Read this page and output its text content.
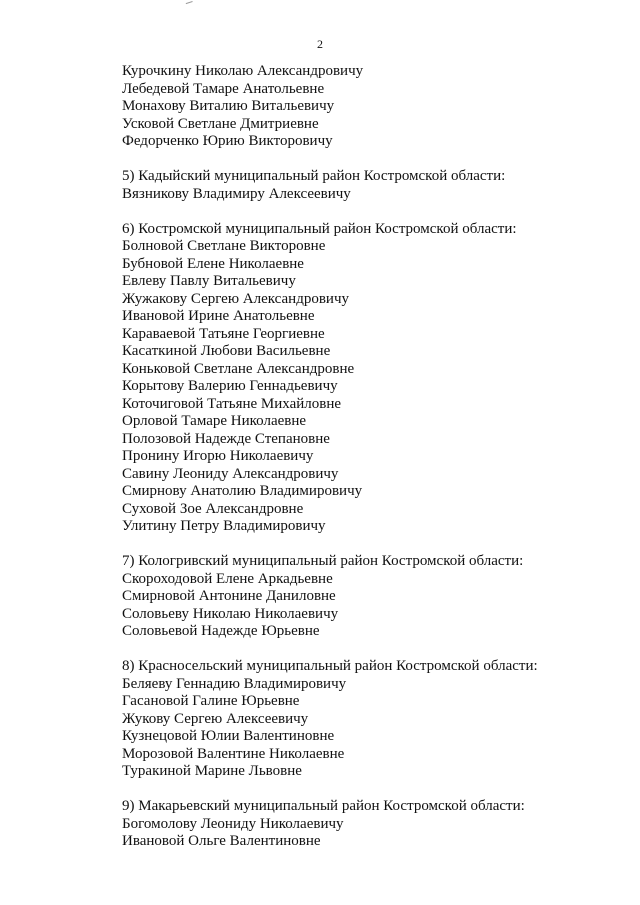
2
Курочкину Николаю Александровичу
Лебедевой Тамаре Анатольевне
Монахову Виталию Витальевичу
Усковой Светлане Дмитриевне
Федорченко Юрию Викторовичу
5) Кадыйский муниципальный район Костромской области:
Вязникову Владимиру Алексеевичу
6) Костромской муниципальный район Костромской области:
Болновой Светлане Викторовне
Бубновой Елене Николаевне
Евлеву Павлу Витальевичу
Жужакову Сергею Александровичу
Ивановой Ирине Анатольевне
Караваевой Татьяне Георгиевне
Касаткиной Любови Васильевне
Коньковой Светлане Александровне
Корытову Валерию Геннадьевичу
Коточиговой Татьяне Михайловне
Орловой Тамаре Николаевне
Полозовой Надежде Степановне
Пронину Игорю Николаевичу
Савину Леониду Александровичу
Смирнову Анатолию Владимировичу
Суховой Зое Александровне
Улитину Петру Владимировичу
7) Кологривский муниципальный район Костромской области:
Скороходовой Елене Аркадьевне
Смирновой Антонине Даниловне
Соловьеву Николаю Николаевичу
Соловьевой Надежде Юрьевне
8) Красносельский муниципальный район Костромской области:
Беляеву Геннадию Владимировичу
Гасановой Галине Юрьевне
Жукову Сергею Алексеевичу
Кузнецовой Юлии Валентиновне
Морозовой Валентине Николаевне
Туракиной Марине Львовне
9) Макарьевский муниципальный район Костромской области:
Богомолову Леониду Николаевичу
Ивановой Ольге Валентиновне
